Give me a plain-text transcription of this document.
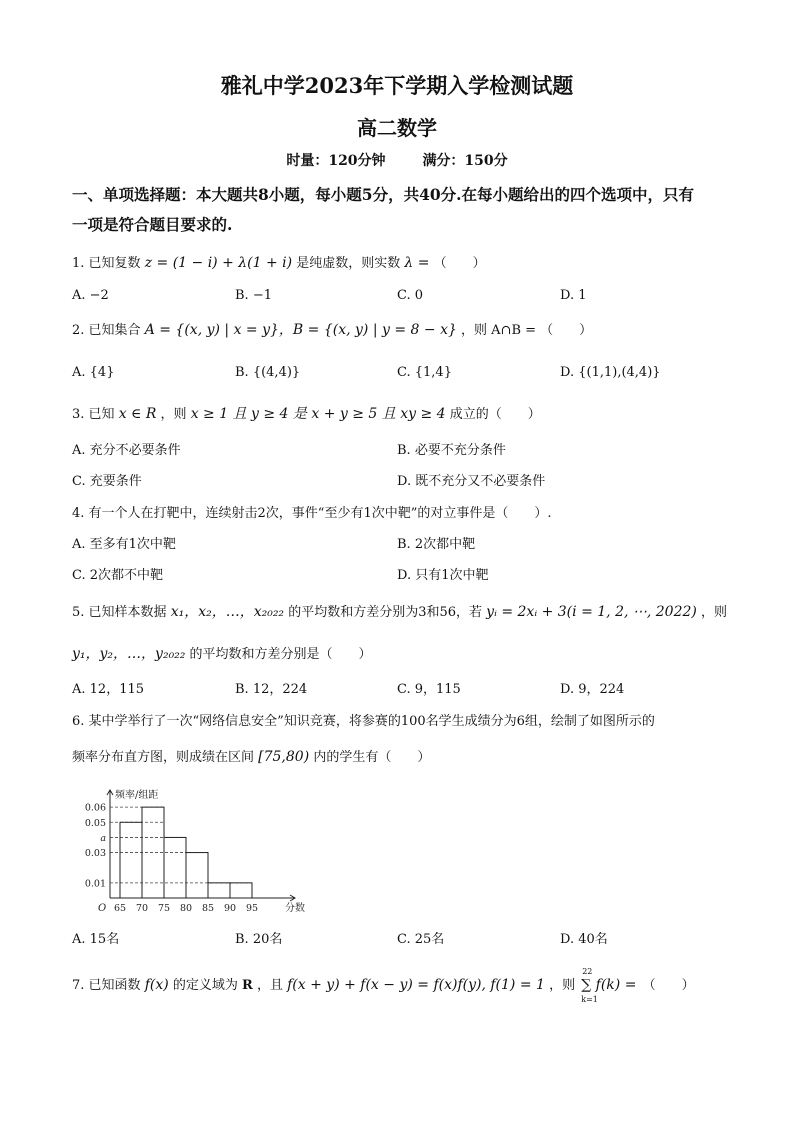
雅礼中学2023年下学期入学检测试题
高二数学
时量：120分钟	满分：150分
一、单项选择题：本大题共8小题，每小题5分，共40分.在每小题给出的四个选项中，只有
一项是符合题目要求的.
1. 已知复数 z = (1 − i) + λ(1 + i) 是纯虚数，则实数 λ = （　　）
A. −2	B. −1	C. 0	D. 1
2. 已知集合 A = {(x, y) | x = y}，B = {(x, y) | y = 8 − x} ，则 A∩B = （　　）
A. {4}	B. {(4,4)}	C. {1,4}	D. {(1,1),(4,4)}
3. 已知 x ∈ R ，则 x ≥ 1 且 y ≥ 4 是 x + y ≥ 5 且 xy ≥ 4 成立的（　　）
A. 充分不必要条件	B. 必要不充分条件
C. 充要条件	D. 既不充分又不必要条件
4. 有一个人在打靶中，连续射击2次，事件“至少有1次中靶”的对立事件是（　　）.
A. 至多有1次中靶	B. 2次都中靶
C. 2次都不中靶	D. 只有1次中靶
5. 已知样本数据 x₁，x₂，…，x₂₀₂₂ 的平均数和方差分别为3和56，若 yᵢ = 2xᵢ + 3(i = 1, 2, ⋯, 2022) ，则
y₁，y₂，…，y₂₀₂₂ 的平均数和方差分别是（　　）
A. 12，115	B. 12，224	C. 9，115	D. 9，224
6. 某中学举行了一次“网络信息安全”知识竞赛，将参赛的100名学生成绩分为6组，绘制了如图所示的
频率分布直方图，则成绩在区间 [75,80) 内的学生有（　　）
频率/组距
分数
O 65 70 75 80 85 90 95
0.06
0.05
a
0.03
0.01
A. 15名	B. 20名	C. 25名	D. 40名
7. 已知函数 f(x) 的定义域为 R ，且 f(x + y) + f(x − y) = f(x)f(y), f(1) = 1 ，则
22
∑ f(k) =
k=1
（　　）
